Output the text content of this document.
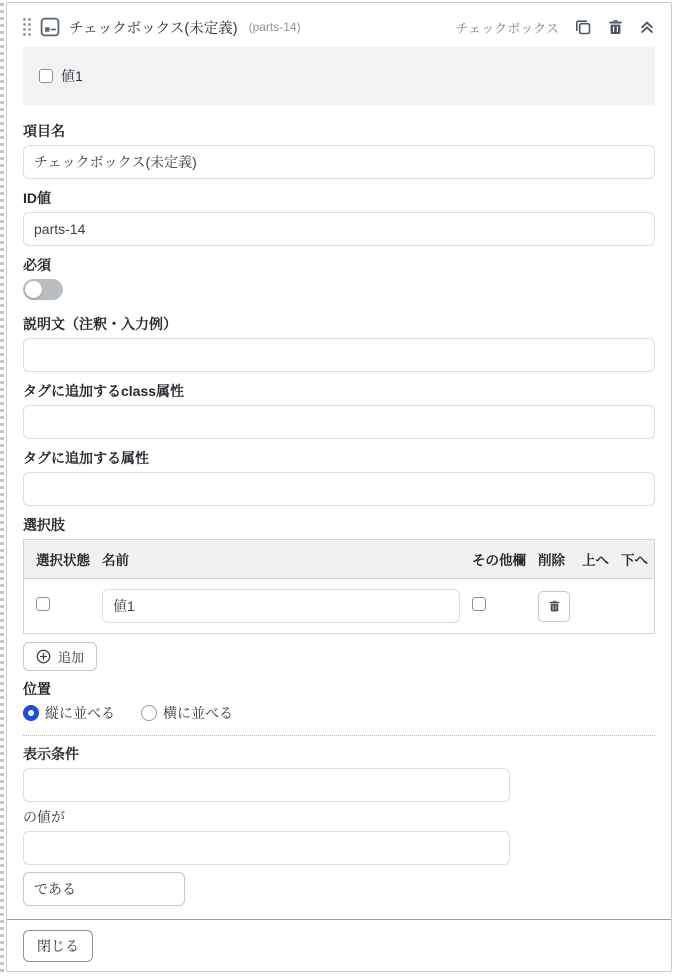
チェックボックス(未定義) (parts-14)	チェックボックス
値1
項目名
チェックボックス(未定義)
ID値
parts-14
必須
説明文（注釈・入力例）
タグに追加するclass属性
タグに追加する属性
選択肢
選択状態	名前	その他欄	削除	上へ	下へ
	値1		

追加
位置
縦に並べる	横に並べる
表示条件
の値が
である
閉じる
